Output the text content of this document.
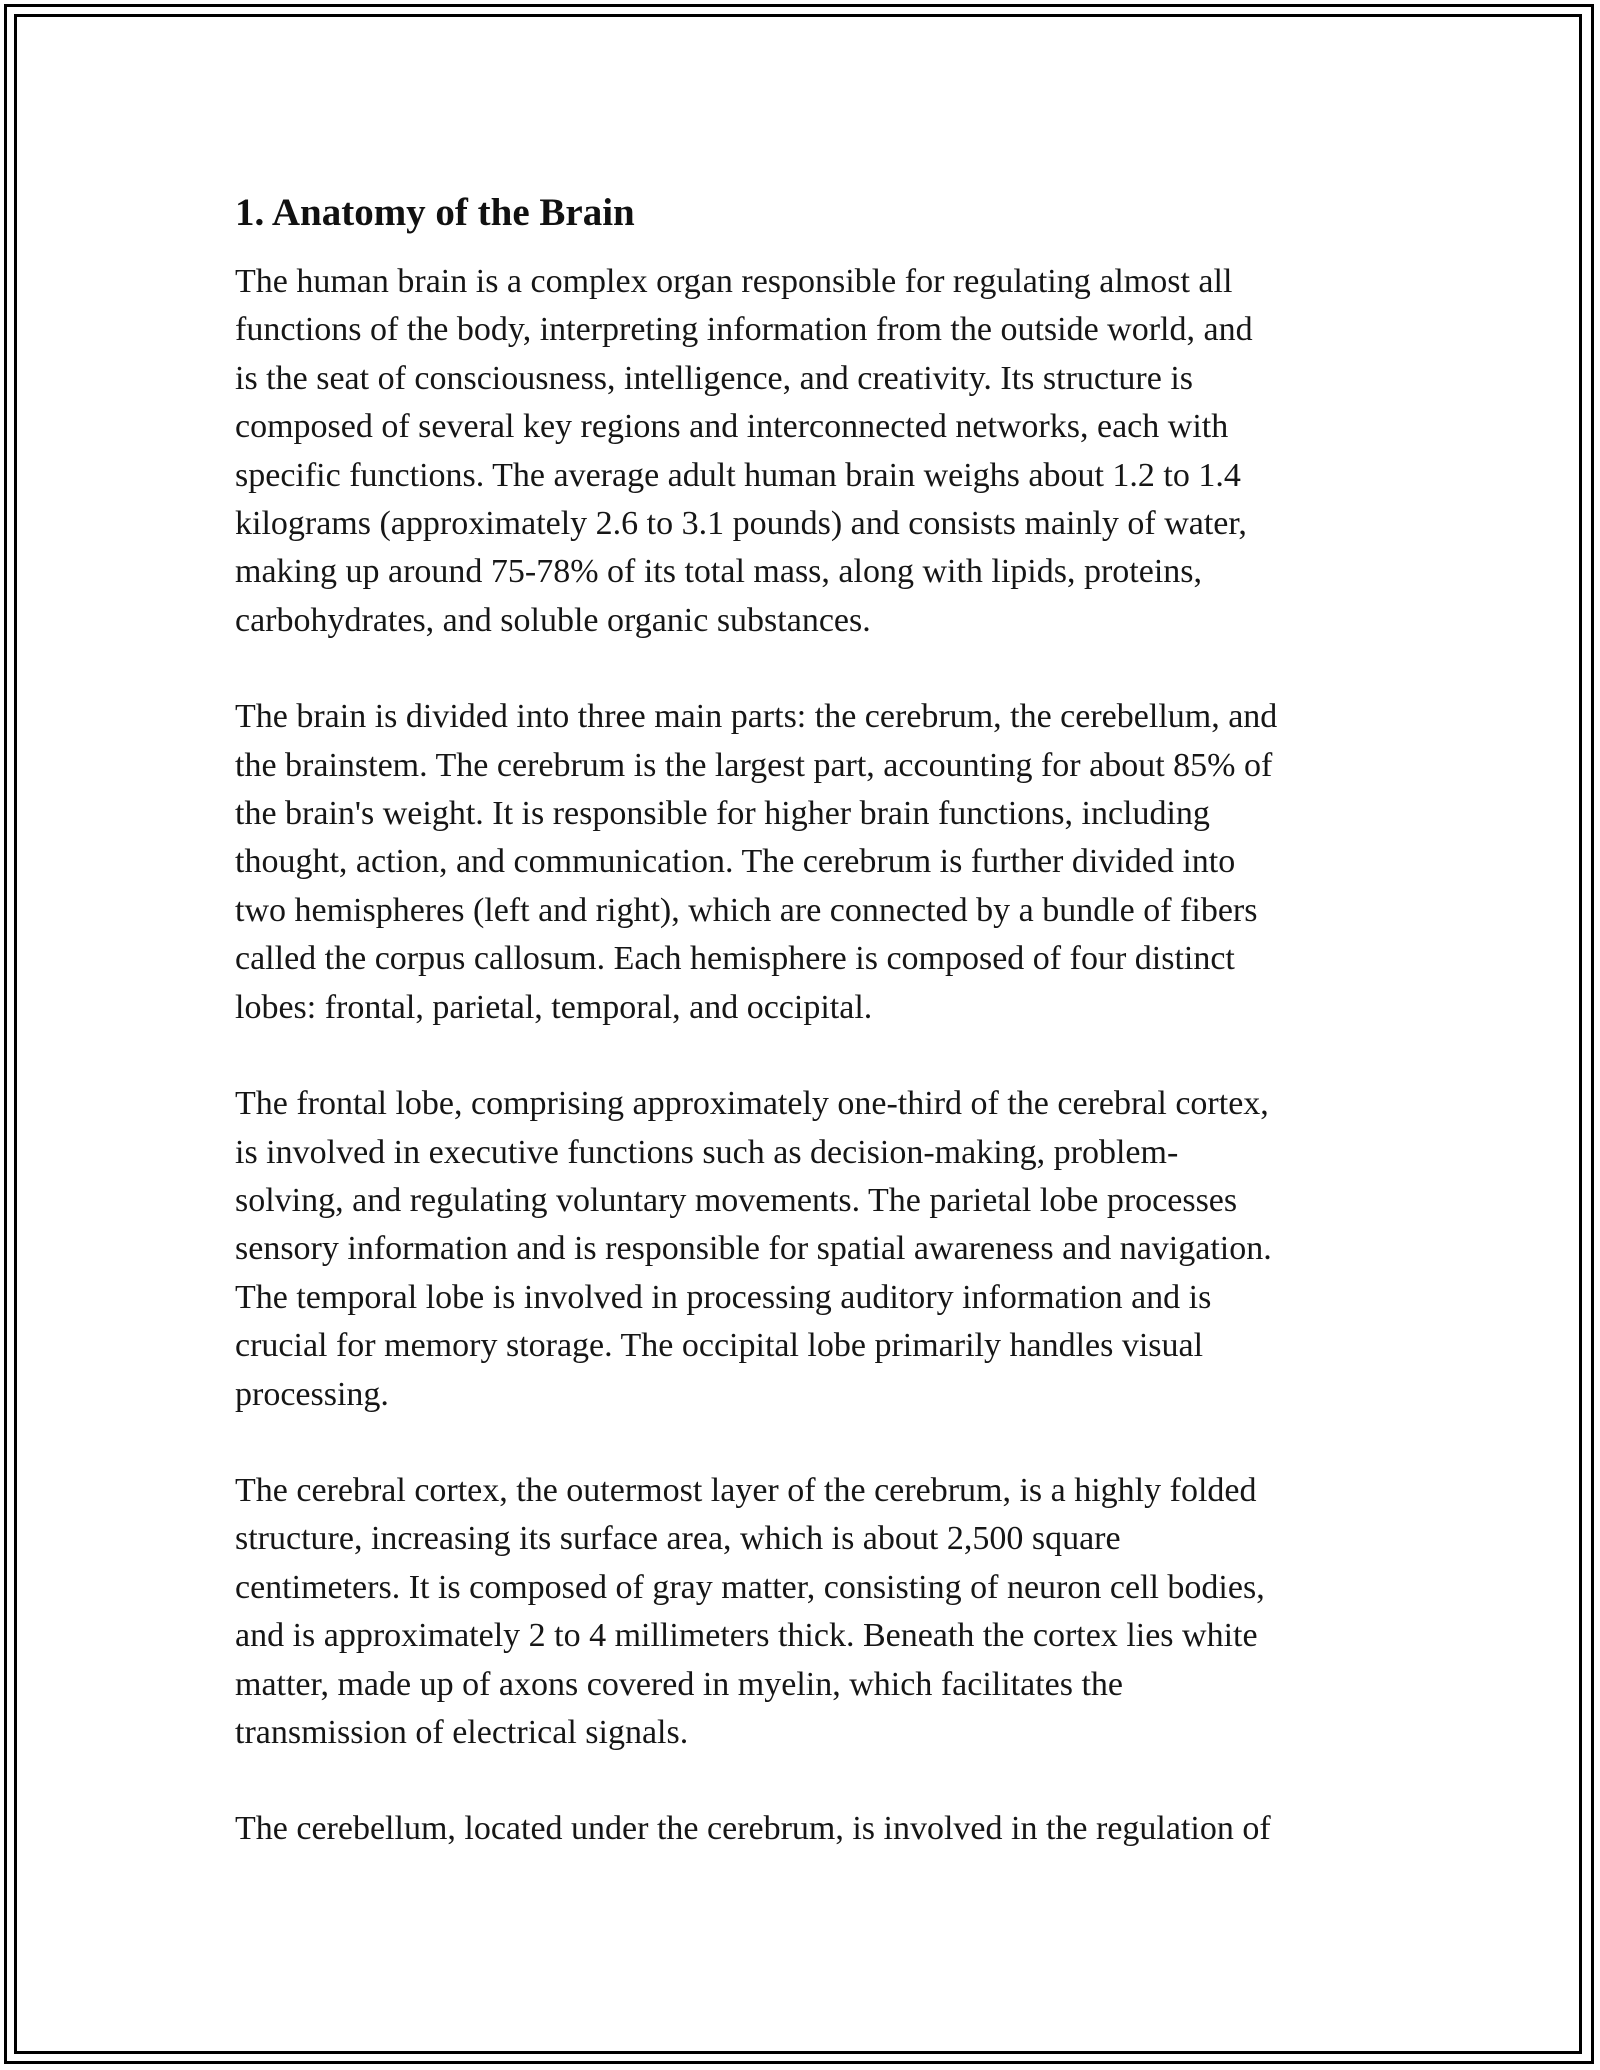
1. Anatomy of the Brain

The human brain is a complex organ responsible for regulating almost all
functions of the body, interpreting information from the outside world, and
is the seat of consciousness, intelligence, and creativity. Its structure is
composed of several key regions and interconnected networks, each with
specific functions. The average adult human brain weighs about 1.2 to 1.4
kilograms (approximately 2.6 to 3.1 pounds) and consists mainly of water,
making up around 75-78% of its total mass, along with lipids, proteins,
carbohydrates, and soluble organic substances.

The brain is divided into three main parts: the cerebrum, the cerebellum, and
the brainstem. The cerebrum is the largest part, accounting for about 85% of
the brain's weight. It is responsible for higher brain functions, including
thought, action, and communication. The cerebrum is further divided into
two hemispheres (left and right), which are connected by a bundle of fibers
called the corpus callosum. Each hemisphere is composed of four distinct
lobes: frontal, parietal, temporal, and occipital.

The frontal lobe, comprising approximately one-third of the cerebral cortex,
is involved in executive functions such as decision-making, problem-
solving, and regulating voluntary movements. The parietal lobe processes
sensory information and is responsible for spatial awareness and navigation.
The temporal lobe is involved in processing auditory information and is
crucial for memory storage. The occipital lobe primarily handles visual
processing.

The cerebral cortex, the outermost layer of the cerebrum, is a highly folded
structure, increasing its surface area, which is about 2,500 square
centimeters. It is composed of gray matter, consisting of neuron cell bodies,
and is approximately 2 to 4 millimeters thick. Beneath the cortex lies white
matter, made up of axons covered in myelin, which facilitates the
transmission of electrical signals.

The cerebellum, located under the cerebrum, is involved in the regulation of
